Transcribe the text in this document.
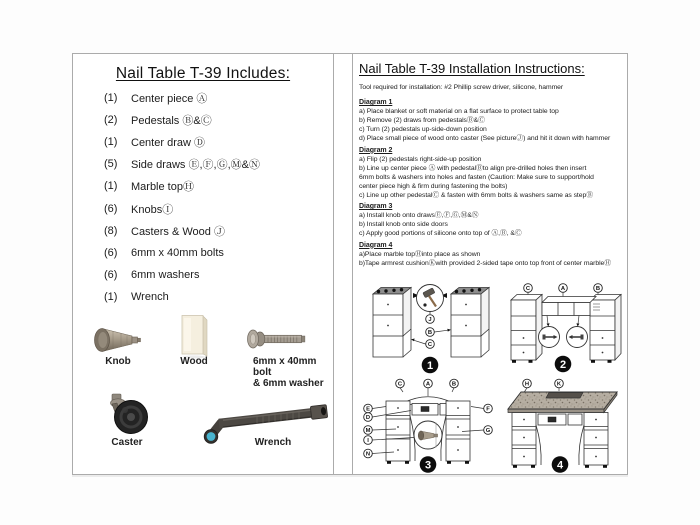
Nail Table T-39 Includes:
(1)	Center piece Ⓐ
(2)	Pedestals Ⓑ&Ⓒ
(1)	Center draw Ⓓ
(5)	Side draws Ⓔ,Ⓕ,Ⓖ,Ⓜ&Ⓝ
(1)	Marble topⒽ
(6)	KnobsⒾ
(8)	Casters & Wood Ⓙ
(6)	6mm x 40mm bolts
(6)	6mm washers
(1)	Wrench
Knob	Wood	6mm x 40mm bolt
& 6mm washer
Caster	Wrench
Nail Table T-39 Installation Instructions:
Tool required for installation: #2 Phillip screw driver, silicone, hammer
Diagram 1
a) Place blanket or soft material on a flat surface to protect table top
b) Remove (2) draws from pedestalsⒷ&Ⓒ
c) Turn (2) pedestals up-side-down position
d) Place small piece of wood onto caster (See pictureⒿ) and hit it down with hammer
Diagram 2
a) Flip (2) pedestals right-side-up position
b) Line up center piece Ⓐ with pedestalⒷto align pre-drilled holes then insert
6mm bolts & washers into holes and fasten (Caution: Make sure to support/hold
center piece high & firm during fastening the bolts)
c) Line up other pedestalⒸ & fasten with 6mm bolts & washers same as stepⒷ
Diagram 3
a) Install knob onto drawsⒺ,Ⓕ,Ⓖ,Ⓜ&Ⓝ
b) Install knob onto side doors
c) Apply good portions of silicone onto top of Ⓐ,Ⓑ, &Ⓒ
Diagram 4
a)Place marble topⒽinto place as shown
b)Tape armrest cushionⓀwith provided 2-sided tape onto top front of center marbleⒽ
J
B
C
1
C	A	B
2
C	A	B
E
D
M
I
N
F
G
3
H	K
4
